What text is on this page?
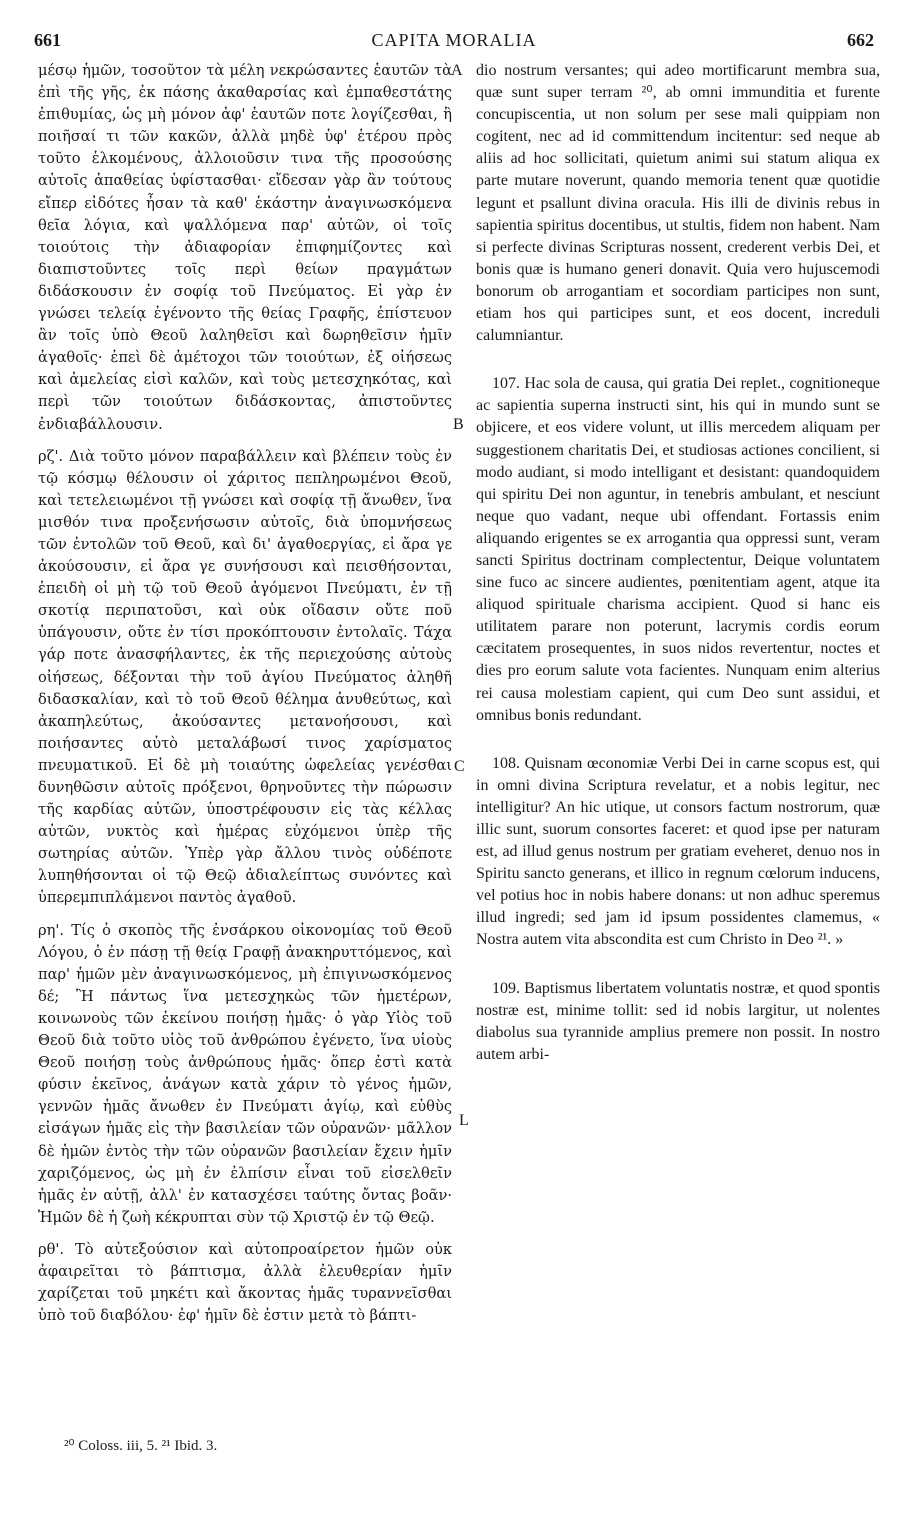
661	CAPITA MORALIA	662

μέσῳ ἡμῶν, τοσοῦτον τὰ μέλη νεκρώσαντες ἑαυτῶν τὰ ἐπὶ τῆς γῆς, ἐκ πάσης ἀκαθαρσίας καὶ ἐμπαθεστάτης ἐπιθυμίας, ὡς μὴ μόνον ἀφ' ἑαυτῶν ποτε λογίζεσθαι, ἢ ποιῆσαί τι τῶν κακῶν, ἀλλὰ μηδὲ ὑφ' ἑτέρου πρὸς τοῦτο ἑλκομένους, ἀλλοιοῦσιν τινα τῆς προσούσης αὐτοῖς ἀπαθείας ὑφίστασθαι· εἴδεσαν γὰρ ἂν τούτους εἴπερ εἰδότες ἦσαν τὰ καθ' ἑκάστην ἀναγινωσκόμενα θεῖα λόγια, καὶ ψαλλόμενα παρ' αὐτῶν, οἱ τοῖς τοιούτοις τὴν ἀδιαφορίαν ἐπιφημίζοντες καὶ διαπιστοῦντες τοῖς περὶ θείων πραγμάτων διδάσκουσιν ἐν σοφίᾳ τοῦ Πνεύματος. Εἰ γὰρ ἐν γνώσει τελείᾳ ἐγένοντο τῆς θείας Γραφῆς, ἐπίστευον ἂν τοῖς ὑπὸ Θεοῦ λαληθεῖσι καὶ δωρηθεῖσιν ἡμῖν ἀγαθοῖς· ἐπεὶ δὲ ἀμέτοχοι τῶν τοιούτων, ἐξ οἰήσεως καὶ ἀμελείας εἰσὶ καλῶν, καὶ τοὺς μετεσχηκότας, καὶ περὶ τῶν τοιούτων διδάσκοντας, ἀπιστοῦντες ἐνδιαβάλλουσιν.

ρζ'. Διὰ τοῦτο μόνον παραβάλλειν καὶ βλέπειν τοὺς ἐν τῷ κόσμῳ θέλουσιν οἱ χάριτος πεπληρωμένοι Θεοῦ, καὶ τετελειωμένοι τῇ γνώσει καὶ σοφίᾳ τῇ ἄνωθεν, ἵνα μισθόν τινα προξενήσωσιν αὐτοῖς, διὰ ὑπομνήσεως τῶν ἐντολῶν τοῦ Θεοῦ, καὶ δι' ἀγαθοεργίας, εἰ ἄρα γε ἀκούσουσιν, εἰ ἄρα γε συνήσουσι καὶ πεισθήσονται, ἐπειδὴ οἱ μὴ τῷ τοῦ Θεοῦ ἀγόμενοι Πνεύματι, ἐν τῇ σκοτίᾳ περιπατοῦσι, καὶ οὐκ οἴδασιν οὔτε ποῦ ὑπάγουσιν, οὔτε ἐν τίσι προκόπτουσιν ἐντολαῖς. Τάχα γάρ ποτε ἀνασφήλαντες, ἐκ τῆς περιεχούσης αὐτοὺς οἰήσεως, δέξονται τὴν τοῦ ἁγίου Πνεύματος ἀληθῆ διδασκαλίαν, καὶ τὸ τοῦ Θεοῦ θέλημα ἀνυθεύτως, καὶ ἀκαπηλεύτως, ἀκούσαντες μετανοήσουσι, καὶ ποιήσαντες αὐτὸ μεταλάβωσί τινος χαρίσματος πνευματικοῦ. Εἰ δὲ μὴ τοιαύτης ὠφελείας γενέσθαι δυνηθῶσιν αὐτοῖς πρόξενοι, θρηνοῦντες τὴν πώρωσιν τῆς καρδίας αὐτῶν, ὑποστρέφουσιν εἰς τὰς κέλλας αὐτῶν, νυκτὸς καὶ ἡμέρας εὐχόμενοι ὑπὲρ τῆς σωτηρίας αὐτῶν. Ὑπὲρ γὰρ ἄλλου τινὸς οὐδέποτε λυπηθήσονται οἱ τῷ Θεῷ ἀδιαλείπτως συνόντες καὶ ὑπερεμπιπλάμενοι παντὸς ἀγαθοῦ.

ρη'. Τίς ὁ σκοπὸς τῆς ἐνσάρκου οἰκονομίας τοῦ Θεοῦ Λόγου, ὁ ἐν πάσῃ τῇ θείᾳ Γραφῇ ἀνακηρυττόμενος, καὶ παρ' ἡμῶν μὲν ἀναγινωσκόμενος, μὴ ἐπιγινωσκόμενος δέ; Ἢ πάντως ἵνα μετεσχηκὼς τῶν ἡμετέρων, κοινωνοὺς τῶν ἐκείνου ποιήσῃ ἡμᾶς· ὁ γὰρ Υἱὸς τοῦ Θεοῦ διὰ τοῦτο υἱὸς τοῦ ἀνθρώπου ἐγένετο, ἵνα υἱοὺς Θεοῦ ποιήσῃ τοὺς ἀνθρώπους ἡμᾶς· ὅπερ ἐστὶ κατὰ φύσιν ἐκεῖνος, ἀνάγων κατὰ χάριν τὸ γένος ἡμῶν, γεννῶν ἡμᾶς ἄνωθεν ἐν Πνεύματι ἁγίῳ, καὶ εὐθὺς εἰσάγων ἡμᾶς εἰς τὴν βασιλείαν τῶν οὐρανῶν· μᾶλλον δὲ ἡμῶν ἐντὸς τὴν τῶν οὐρανῶν βασιλείαν ἔχειν ἡμῖν χαριζόμενος, ὡς μὴ ἐν ἐλπίσιν εἶναι τοῦ εἰσελθεῖν ἡμᾶς ἐν αὐτῇ, ἀλλ' ἐν κατασχέσει ταύτης ὄντας βοᾶν· Ἡμῶν δὲ ἡ ζωὴ κέκρυπται σὺν τῷ Χριστῷ ἐν τῷ Θεῷ.

ρθ'. Τὸ αὐτεξούσιον καὶ αὐτοπροαίρετον ἡμῶν οὐκ ἀφαιρεῖται τὸ βάπτισμα, ἀλλὰ ἐλευθερίαν ἡμῖν χαρίζεται τοῦ μηκέτι καὶ ἄκοντας ἡμᾶς τυραννεῖσθαι ὑπὸ τοῦ διαβόλου· ἐφ' ἡμῖν δὲ ἐστιν μετὰ τὸ βάπτι-

A
B
C
L

dio nostrum versantes; qui adeo mortificarunt membra sua, quæ sunt super terram ²⁰, ab omni immunditia et furente concupiscentia, ut non solum per sese mali quippiam non cogitent, nec ad id committendum incitentur: sed neque ab aliis ad hoc sollicitati, quietum animi sui statum aliqua ex parte mutare noverunt, quando memoria tenent quæ quotidie legunt et psallunt divina oracula. His illi de divinis rebus in sapientia spiritus docentibus, ut stultis, fidem non habent. Nam si perfecte divinas Scripturas nossent, crederent verbis Dei, et bonis quæ is humano generi donavit. Quia vero hujuscemodi bonorum ob arrogantiam et socordiam participes non sunt, etiam hos qui participes sunt, et eos docent, increduli calumniantur.

 107. Hac sola de causa, qui gratia Dei replet., cognitioneque ac sapientia superna instructi sint, his qui in mundo sunt se objicere, et eos videre volunt, ut illis mercedem aliquam per suggestionem charitatis Dei, et studiosas actiones concilient, si modo audiant, si modo intelligant et desistant: quandoquidem qui spiritu Dei non aguntur, in tenebris ambulant, et nesciunt neque quo vadant, neque ubi offendant. Fortassis enim aliquando erigentes se ex arrogantia qua oppressi sunt, veram sancti Spiritus doctrinam complectentur, Deique voluntatem sine fuco ac sincere audientes, pœnitentiam agent, atque ita aliquod spirituale charisma accipient. Quod si hanc eis utilitatem parare non poterunt, lacrymis cordis eorum cæcitatem prosequentes, in suos nidos revertentur, noctes et dies pro eorum salute vota facientes. Nunquam enim alterius rei causa molestiam capient, qui cum Deo sunt assidui, et omnibus bonis redundant.

 108. Quisnam œconomiæ Verbi Dei in carne scopus est, qui in omni divina Scriptura revelatur, et a nobis legitur, nec intelligitur? An hic utique, ut consors factum nostrorum, quæ illic sunt, suorum consortes faceret: et quod ipse per naturam est, ad illud genus nostrum per gratiam eveheret, denuo nos in Spiritu sancto generans, et illico in regnum cœlorum inducens, vel potius hoc in nobis habere donans: ut non adhuc speremus illud ingredi; sed jam id ipsum possidentes clamemus, « Nostra autem vita abscondita est cum Christo in Deo ²¹. »

 109. Baptismus libertatem voluntatis nostræ, et quod spontis nostræ est, minime tollit: sed id nobis largitur, ut nolentes diabolus sua tyrannide amplius premere non possit. In nostro autem arbi-

²⁰ Coloss. iii, 5. ²¹ Ibid. 3.
